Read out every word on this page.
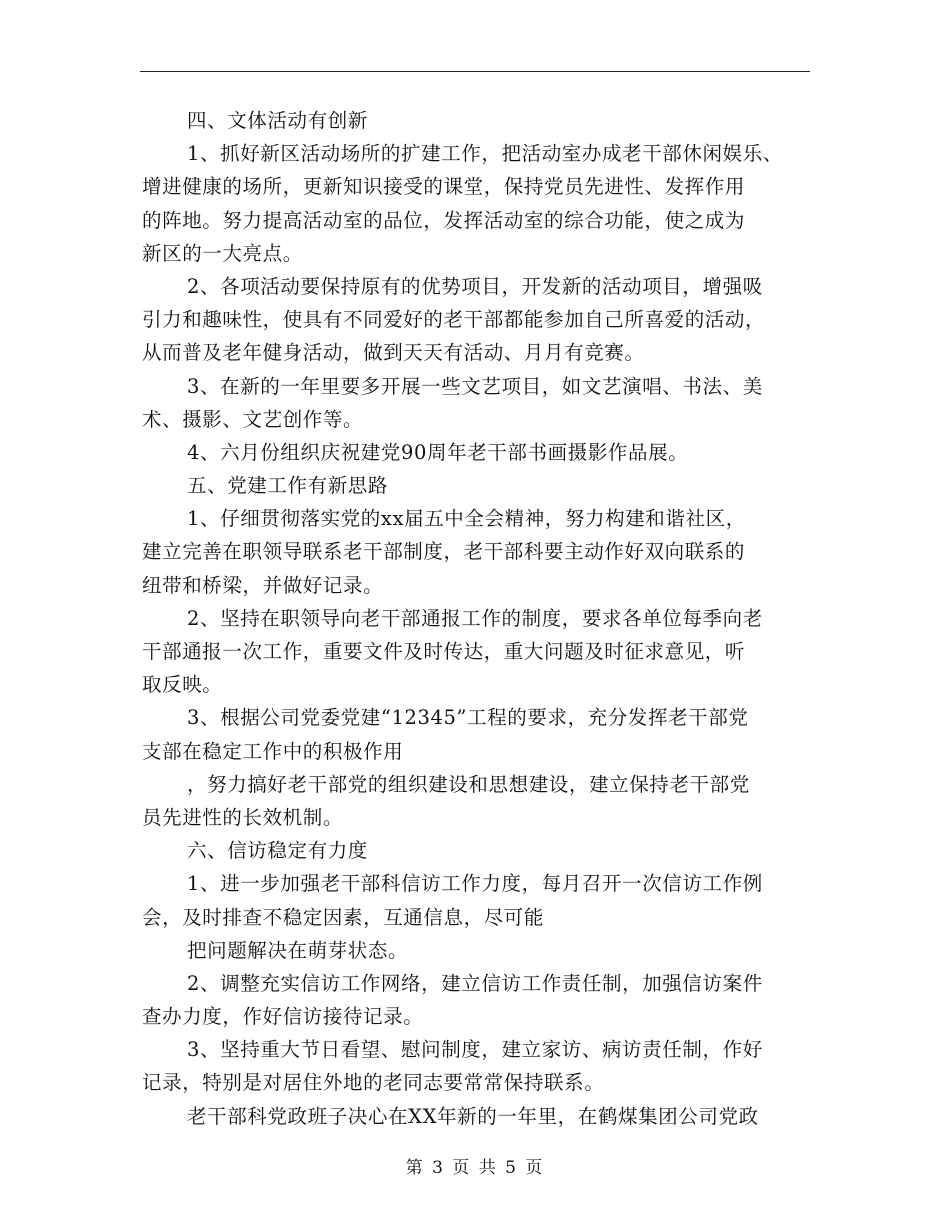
四、文体活动有创新
1、抓好新区活动场所的扩建工作，把活动室办成老干部休闲娱乐、
增进健康的场所，更新知识接受的课堂，保持党员先进性、发挥作用
的阵地。努力提高活动室的品位，发挥活动室的综合功能，使之成为
新区的一大亮点。
2、各项活动要保持原有的优势项目，开发新的活动项目，增强吸
引力和趣味性，使具有不同爱好的老干部都能参加自己所喜爱的活动，
从而普及老年健身活动，做到天天有活动、月月有竞赛。
3、在新的一年里要多开展一些文艺项目，如文艺演唱、书法、美
术、摄影、文艺创作等。
4、六月份组织庆祝建党90周年老干部书画摄影作品展。
五、党建工作有新思路
1、仔细贯彻落实党的xx届五中全会精神，努力构建和谐社区，
建立完善在职领导联系老干部制度，老干部科要主动作好双向联系的
纽带和桥梁，并做好记录。
2、坚持在职领导向老干部通报工作的制度，要求各单位每季向老
干部通报一次工作，重要文件及时传达，重大问题及时征求意见，听
取反映。
3、根据公司党委党建“12345”工程的要求，充分发挥老干部党
支部在稳定工作中的积极作用
，努力搞好老干部党的组织建设和思想建设，建立保持老干部党
员先进性的长效机制。
六、信访稳定有力度
1、进一步加强老干部科信访工作力度，每月召开一次信访工作例
会，及时排查不稳定因素，互通信息，尽可能
把问题解决在萌芽状态。
2、调整充实信访工作网络，建立信访工作责任制，加强信访案件
查办力度，作好信访接待记录。
3、坚持重大节日看望、慰问制度，建立家访、病访责任制，作好
记录，特别是对居住外地的老同志要常常保持联系。
老干部科党政班子决心在XX年新的一年里，在鹤煤集团公司党政
第 3 页 共 5 页
